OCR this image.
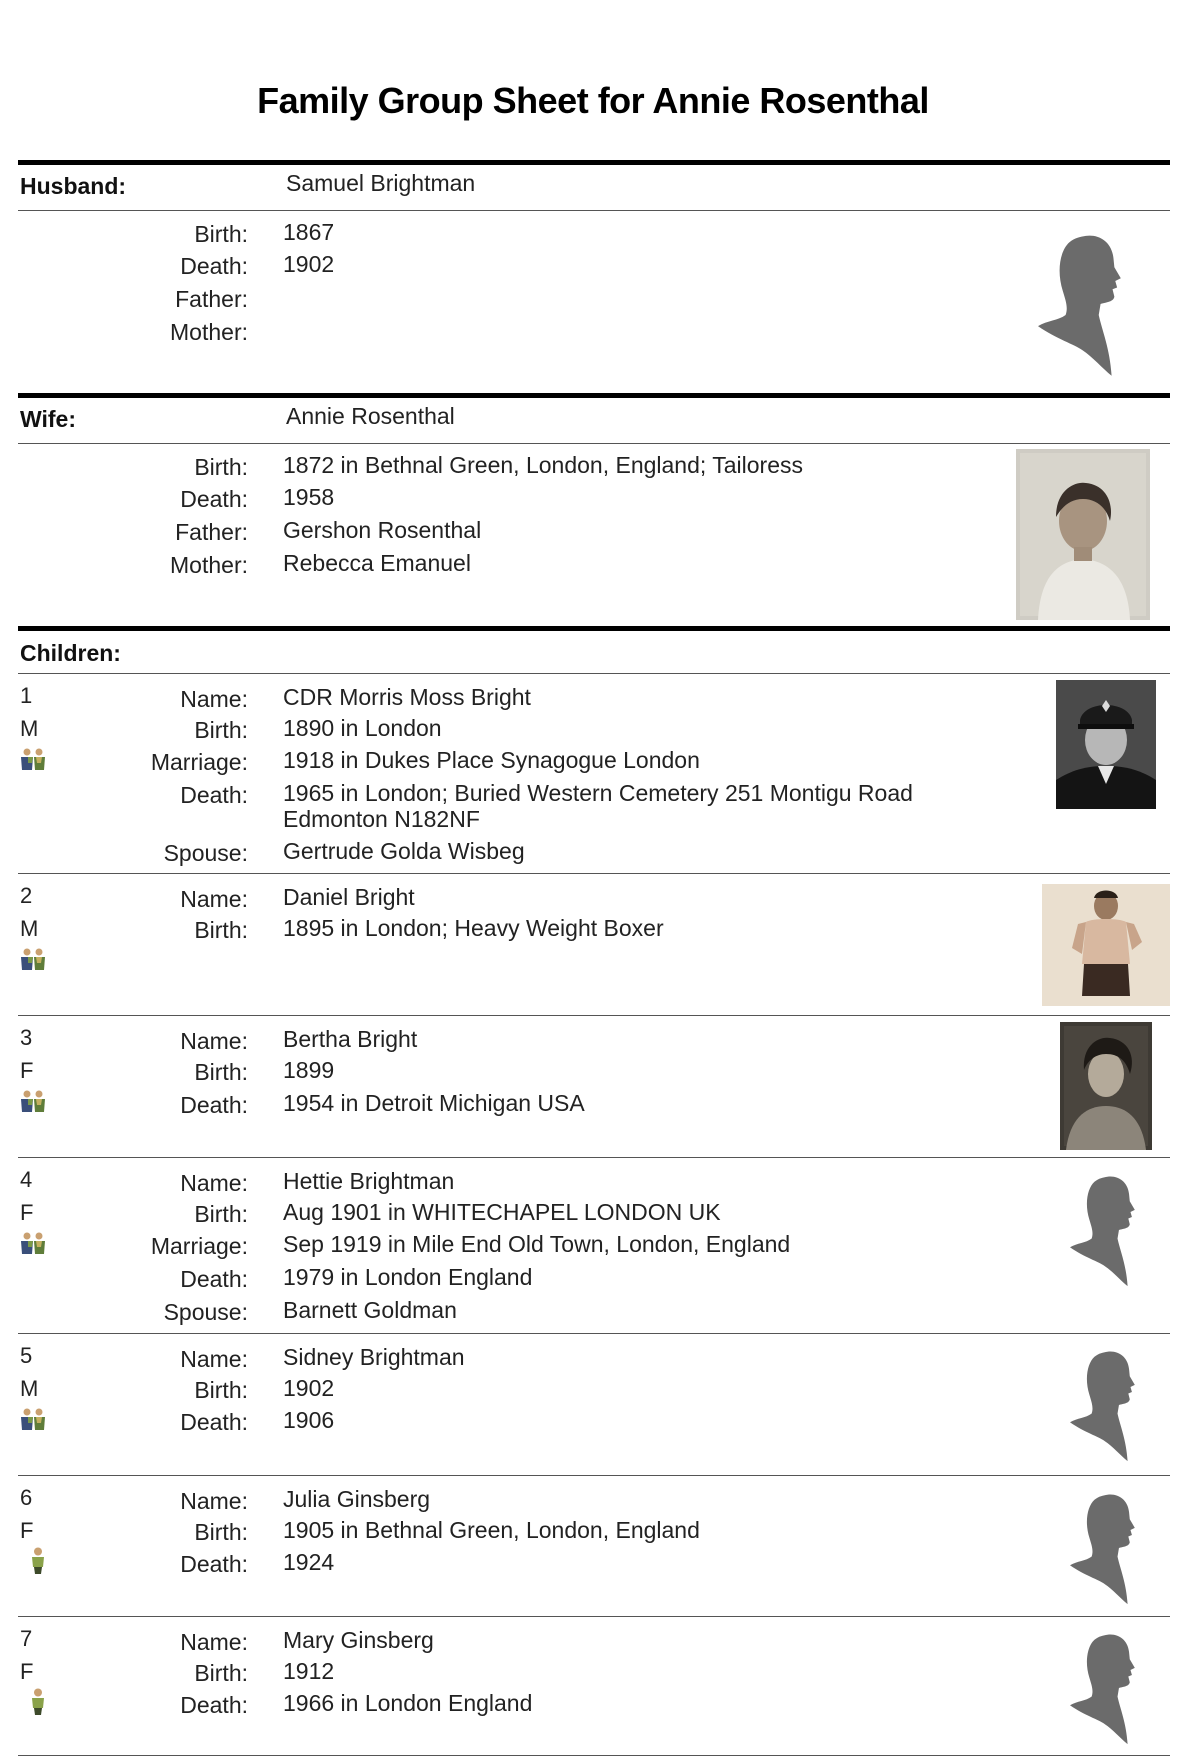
Family Group Sheet for Annie Rosenthal
Husband:	Samuel Brightman
Birth: 1867
Death: 1902
Father:
Mother:
Wife:	Annie Rosenthal
Birth: 1872 in Bethnal Green, London, England; Tailoress
Death: 1958
Father: Gershon Rosenthal
Mother: Rebecca Emanuel
Children:
1
M
Name: CDR Morris Moss Bright
Birth: 1890 in London
Marriage: 1918 in Dukes Place Synagogue London
Death: 1965 in London; Buried Western Cemetery 251 Montigu Road
Edmonton N182NF
Spouse: Gertrude Golda Wisbeg
2
M
Name: Daniel Bright
Birth: 1895 in London; Heavy Weight Boxer
3
F
Name: Bertha Bright
Birth: 1899
Death: 1954 in Detroit Michigan USA
4
F
Name: Hettie Brightman
Birth: Aug 1901 in WHITECHAPEL LONDON UK
Marriage: Sep 1919 in Mile End Old Town, London, England
Death: 1979 in London England
Spouse: Barnett Goldman
5
M
Name: Sidney Brightman
Birth: 1902
Death: 1906
6
F
Name: Julia Ginsberg
Birth: 1905 in Bethnal Green, London, England
Death: 1924
7
F
Name: Mary Ginsberg
Birth: 1912
Death: 1966 in London England
